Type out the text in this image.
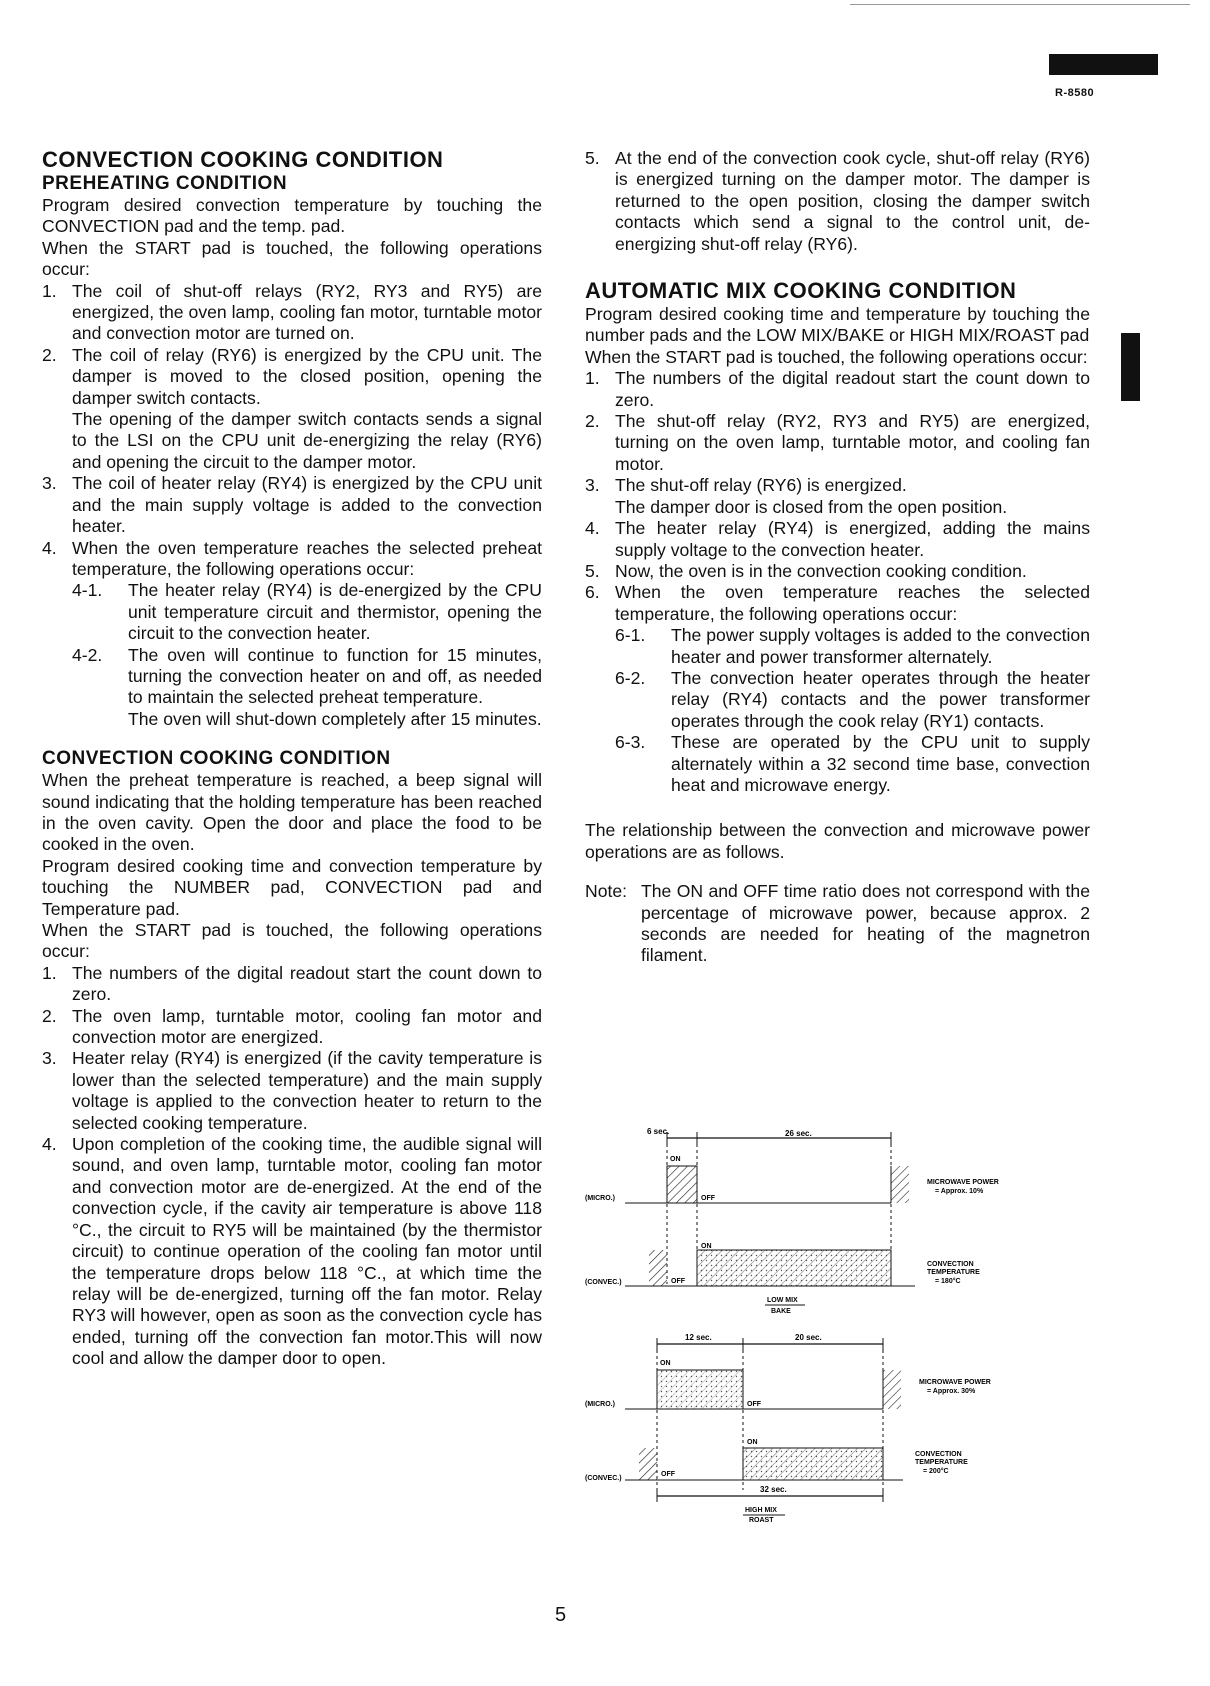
R-8580
CONVECTION COOKING CONDITION
PREHEATING CONDITION

Program desired convection temperature by touching the CONVECTION pad and the temp. pad.

When the START pad is touched, the following operations occur:

1. The coil of shut-off relays (RY2, RY3 and RY5) are energized, the oven lamp, cooling fan motor, turntable motor and convection motor are turned on.
2. The coil of relay (RY6) is energized by the CPU unit. The damper is moved to the closed position, opening the damper switch contacts.
The opening of the damper switch contacts sends a signal to the LSI on the CPU unit de-energizing the relay (RY6) and opening the circuit to the damper motor.
3. The coil of heater relay (RY4) is energized by the CPU unit and the main supply voltage is added to the convection heater.
4. When the oven temperature reaches the selected preheat temperature, the following operations occur:
4-1.	The heater relay (RY4) is de-energized by the CPU unit temperature circuit and thermistor, opening the circuit to the convection heater.
4-2.	The oven will continue to function for 15 minutes, turning the convection heater on and off, as needed to maintain the selected preheat temperature.
The oven will shut-down completely after 15 minutes.
CONVECTION COOKING CONDITION

When the preheat temperature is reached, a beep signal will sound indicating that the holding temperature has been reached in the oven cavity. Open the door and place the food to be cooked in the oven.

Program desired cooking time and convection temperature by touching the NUMBER pad, CONVECTION pad and Temperature pad.

When the START pad is touched, the following operations occur:

1. The numbers of the digital readout start the count down to zero.
2. The oven lamp, turntable motor, cooling fan motor and convection motor are energized.
3. Heater relay (RY4) is energized (if the cavity temperature is lower than the selected temperature) and the main supply voltage is applied to the convection heater to return to the selected cooking temperature.
4. Upon completion of the cooking time, the audible signal will sound, and oven lamp, turntable motor, cooling fan motor and convection motor are de-energized. At the end of the convection cycle, if the cavity air temperature is above 118 °C., the circuit to RY5 will be maintained (by the thermistor circuit) to continue operation of the cooling fan motor until the temperature drops below 118 °C., at which time the relay will be de-energized, turning off the fan motor. Relay RY3 will however, open as soon as the convection cycle has ended, turning off the convection fan motor.This will now cool and allow the damper door to open.
5. At the end of the convection cook cycle, shut-off relay (RY6) is energized turning on the damper motor. The damper is returned to the open position, closing the damper switch contacts which send a signal to the control unit, de-energizing shut-off relay (RY6).
AUTOMATIC MIX COOKING CONDITION

Program desired cooking time and temperature by touching the number pads and the LOW MIX/BAKE or HIGH MIX/ROAST pad

When the START pad is touched, the following operations occur:

1. The numbers of the digital readout start the count down to zero.
2. The shut-off relay (RY2, RY3 and RY5) are energized, turning on the oven lamp, turntable motor, and cooling fan motor.
3. The shut-off relay (RY6) is energized.
The damper door is closed from the open position.
4. The heater relay (RY4) is energized, adding the mains supply voltage to the convection heater.
5. Now, the oven is in the convection cooking condition.
6. When the oven temperature reaches the selected temperature, the following operations occur:
6-1.	The power supply voltages is added to the convection heater and power transformer alternately.
6-2.	The convection heater operates through the heater relay (RY4) contacts and the power transformer operates through the cook relay (RY1) contacts.
6-3.	These are operated by the CPU unit to supply alternately within a 32 second time base, convection heat and microwave energy.

The relationship between the convection and microwave power operations are as follows.

Note: The ON and OFF time ratio does not correspond with the percentage of microwave power, because approx. 2 seconds are needed for heating of the magnetron filament.
6 sec.	26 sec.
(MICRO.)
ON
OFF
(CONVEC.)
ON
OFF
MICROWAVE POWER
= Approx. 10%
CONVECTION
TEMPERATURE
= 180°C
LOW MIX
BAKE
12 sec.	20 sec.
(MICRO.)
ON
OFF
(CONVEC.)
ON
OFF
32 sec.
MICROWAVE POWER
= Approx. 30%
CONVECTION
TEMPERATURE
= 200°C
HIGH MIX
ROAST
5
